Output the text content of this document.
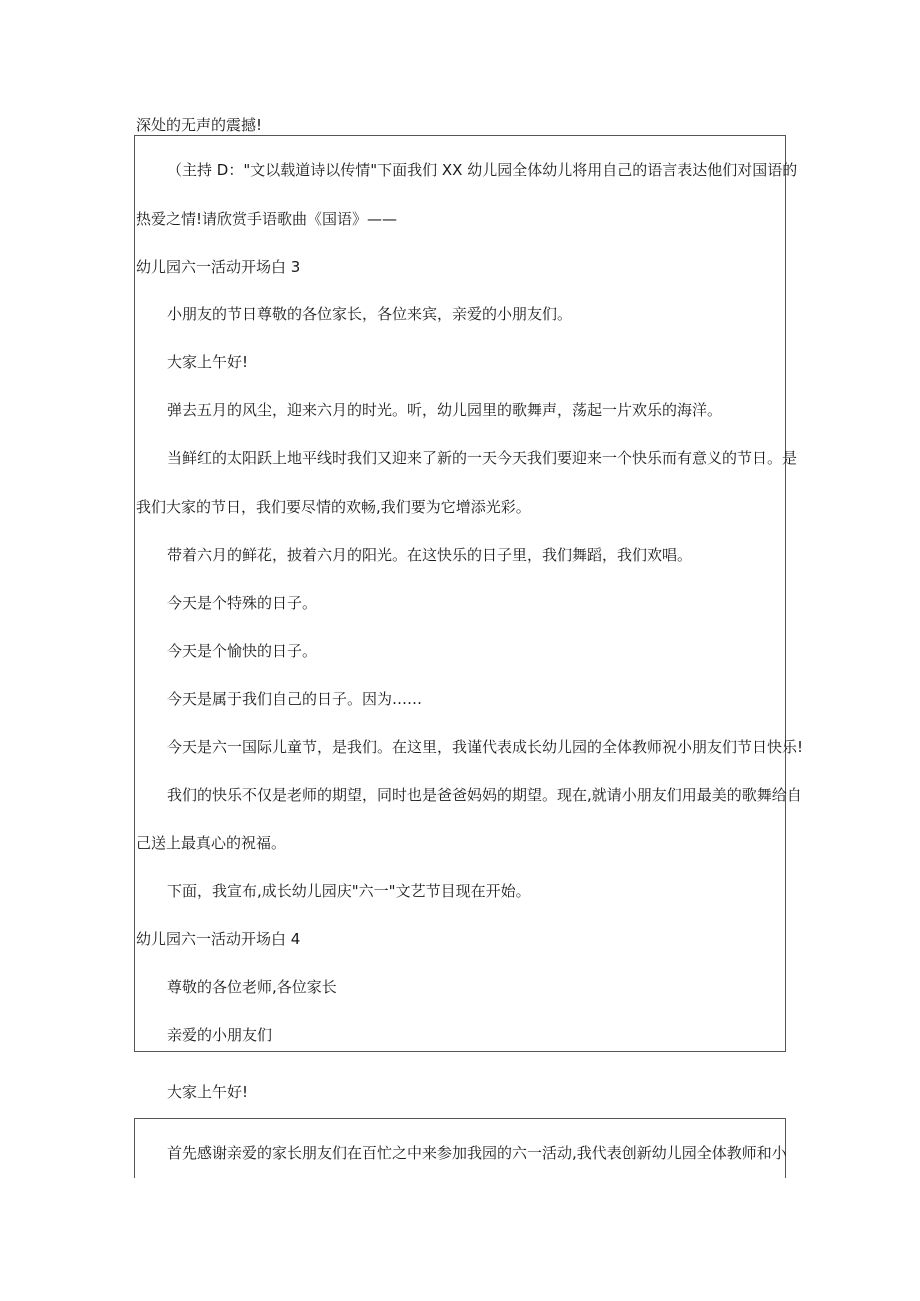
深处的无声的震撼!
（主持 D："文以载道诗以传情"下面我们 XX 幼儿园全体幼儿将用自己的语言表达他们对国语的
热爱之情!请欣赏手语歌曲《国语》——
幼儿园六一活动开场白 3
小朋友的节日尊敬的各位家长，各位来宾，亲爱的小朋友们。
大家上午好!
弹去五月的风尘，迎来六月的时光。听，幼儿园里的歌舞声，荡起一片欢乐的海洋。
当鲜红的太阳跃上地平线时我们又迎来了新的一天今天我们要迎来一个快乐而有意义的节日。是
我们大家的节日，我们要尽情的欢畅,我们要为它增添光彩。
带着六月的鲜花，披着六月的阳光。在这快乐的日子里，我们舞蹈，我们欢唱。
今天是个特殊的日子。
今天是个愉快的日子。
今天是属于我们自己的日子。因为……
今天是六一国际儿童节，是我们。在这里，我谨代表成长幼儿园的全体教师祝小朋友们节日快乐!
我们的快乐不仅是老师的期望，同时也是爸爸妈妈的期望。现在,就请小朋友们用最美的歌舞给自
己送上最真心的祝福。
下面，我宣布,成长幼儿园庆"六一"文艺节目现在开始。
幼儿园六一活动开场白 4
尊敬的各位老师,各位家长
亲爱的小朋友们
大家上午好!
首先感谢亲爱的家长朋友们在百忙之中来参加我园的六一活动,我代表创新幼儿园全体教师和小
